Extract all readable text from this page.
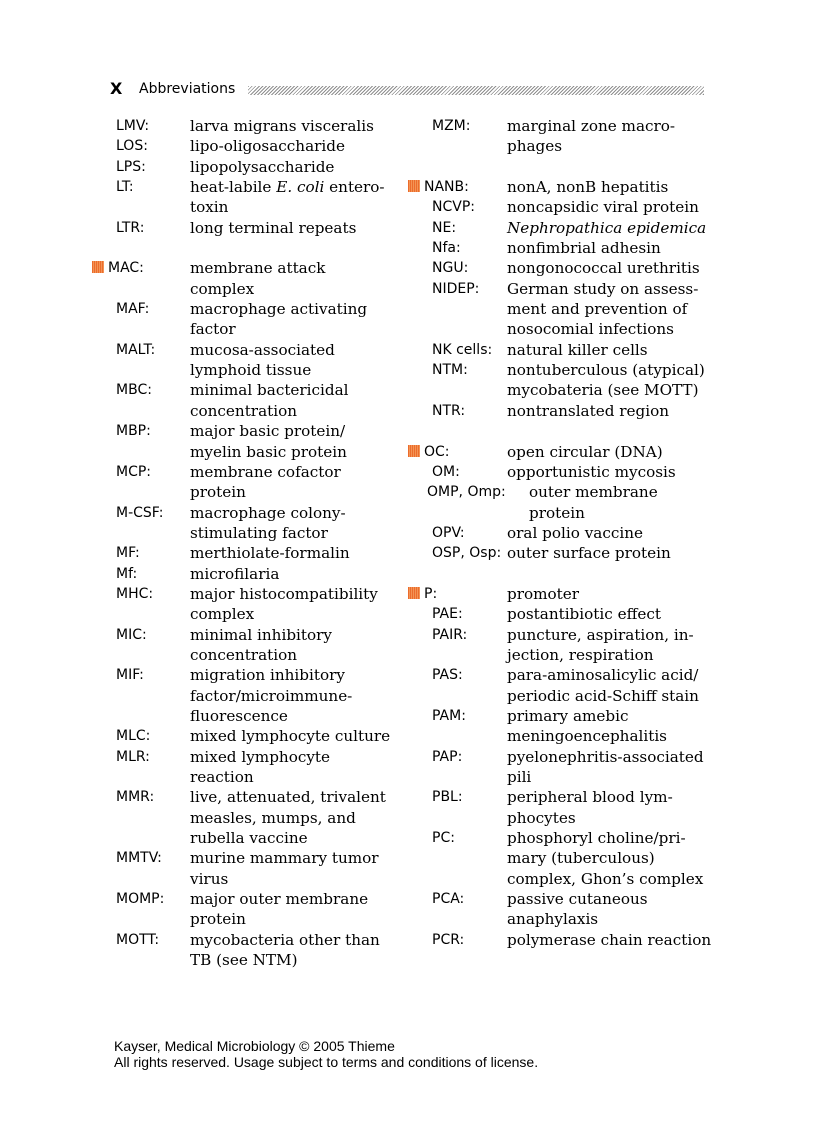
X Abbreviations
LMV:	larva migrans visceralis
LOS:	lipo-oligosaccharide
LPS:	lipopolysaccharide
LT:	heat-labile E. coli entero-toxin
LTR:	long terminal repeats
MAC:	membrane attack complex
MAF:	macrophage activating factor
MALT: mucosa-associated lymphoid tissue
MBC:	minimal bactericidal concentration
MBP:	major basic protein/ myelin basic protein
MCP:	membrane cofactor protein
M-CSF: macrophage colony-stimulating factor
MF:	merthiolate-formalin
Mf:	microfilaria
MHC: major histocompatibility complex
MIC:	minimal inhibitory concentration
MIF:	migration inhibitory factor/microimmune-fluorescence
MLC:	mixed lymphocyte culture
MLR:	mixed lymphocyte reaction
MMR: live, attenuated, trivalent measles, mumps, and rubella vaccine
MMTV: murine mammary tumor virus
MOMP: major outer membrane protein
MOTT: mycobacteria other than TB (see NTM)
MZM: marginal zone macro-phages
NANB:	nonA, nonB hepatitis
NCVP: noncapsidic viral protein
NE:	Nephropathica epidemica
Nfa:	nonfimbrial adhesin
NGU:	nongonococcal urethritis
NIDEP: German study on assess-ment and prevention of nosocomial infections
NK cells: natural killer cells
NTM:	nontuberculous (atypical) mycobateria (see MOTT)
NTR:	nontranslated region
OC:	open circular (DNA)
OM:	opportunistic mycosis
OMP, Omp: outer membrane protein
OPV:	oral polio vaccine
OSP, Osp: outer surface protein
P:	promoter
PAE:	postantibiotic effect
PAIR:	puncture, aspiration, in-jection, respiration
PAS:	para-aminosalicylic acid/ periodic acid-Schiff stain
PAM:	primary amebic meningoencephalitis
PAP:	pyelonephritis-associated pili
PBL:	peripheral blood lym-phocytes
PC:	phosphoryl choline/pri-mary (tuberculous) complex, Ghon’s complex
PCA:	passive cutaneous anaphylaxis
PCR:	polymerase chain reaction
Kayser, Medical Microbiology © 2005 Thieme
All rights reserved. Usage subject to terms and conditions of license.
